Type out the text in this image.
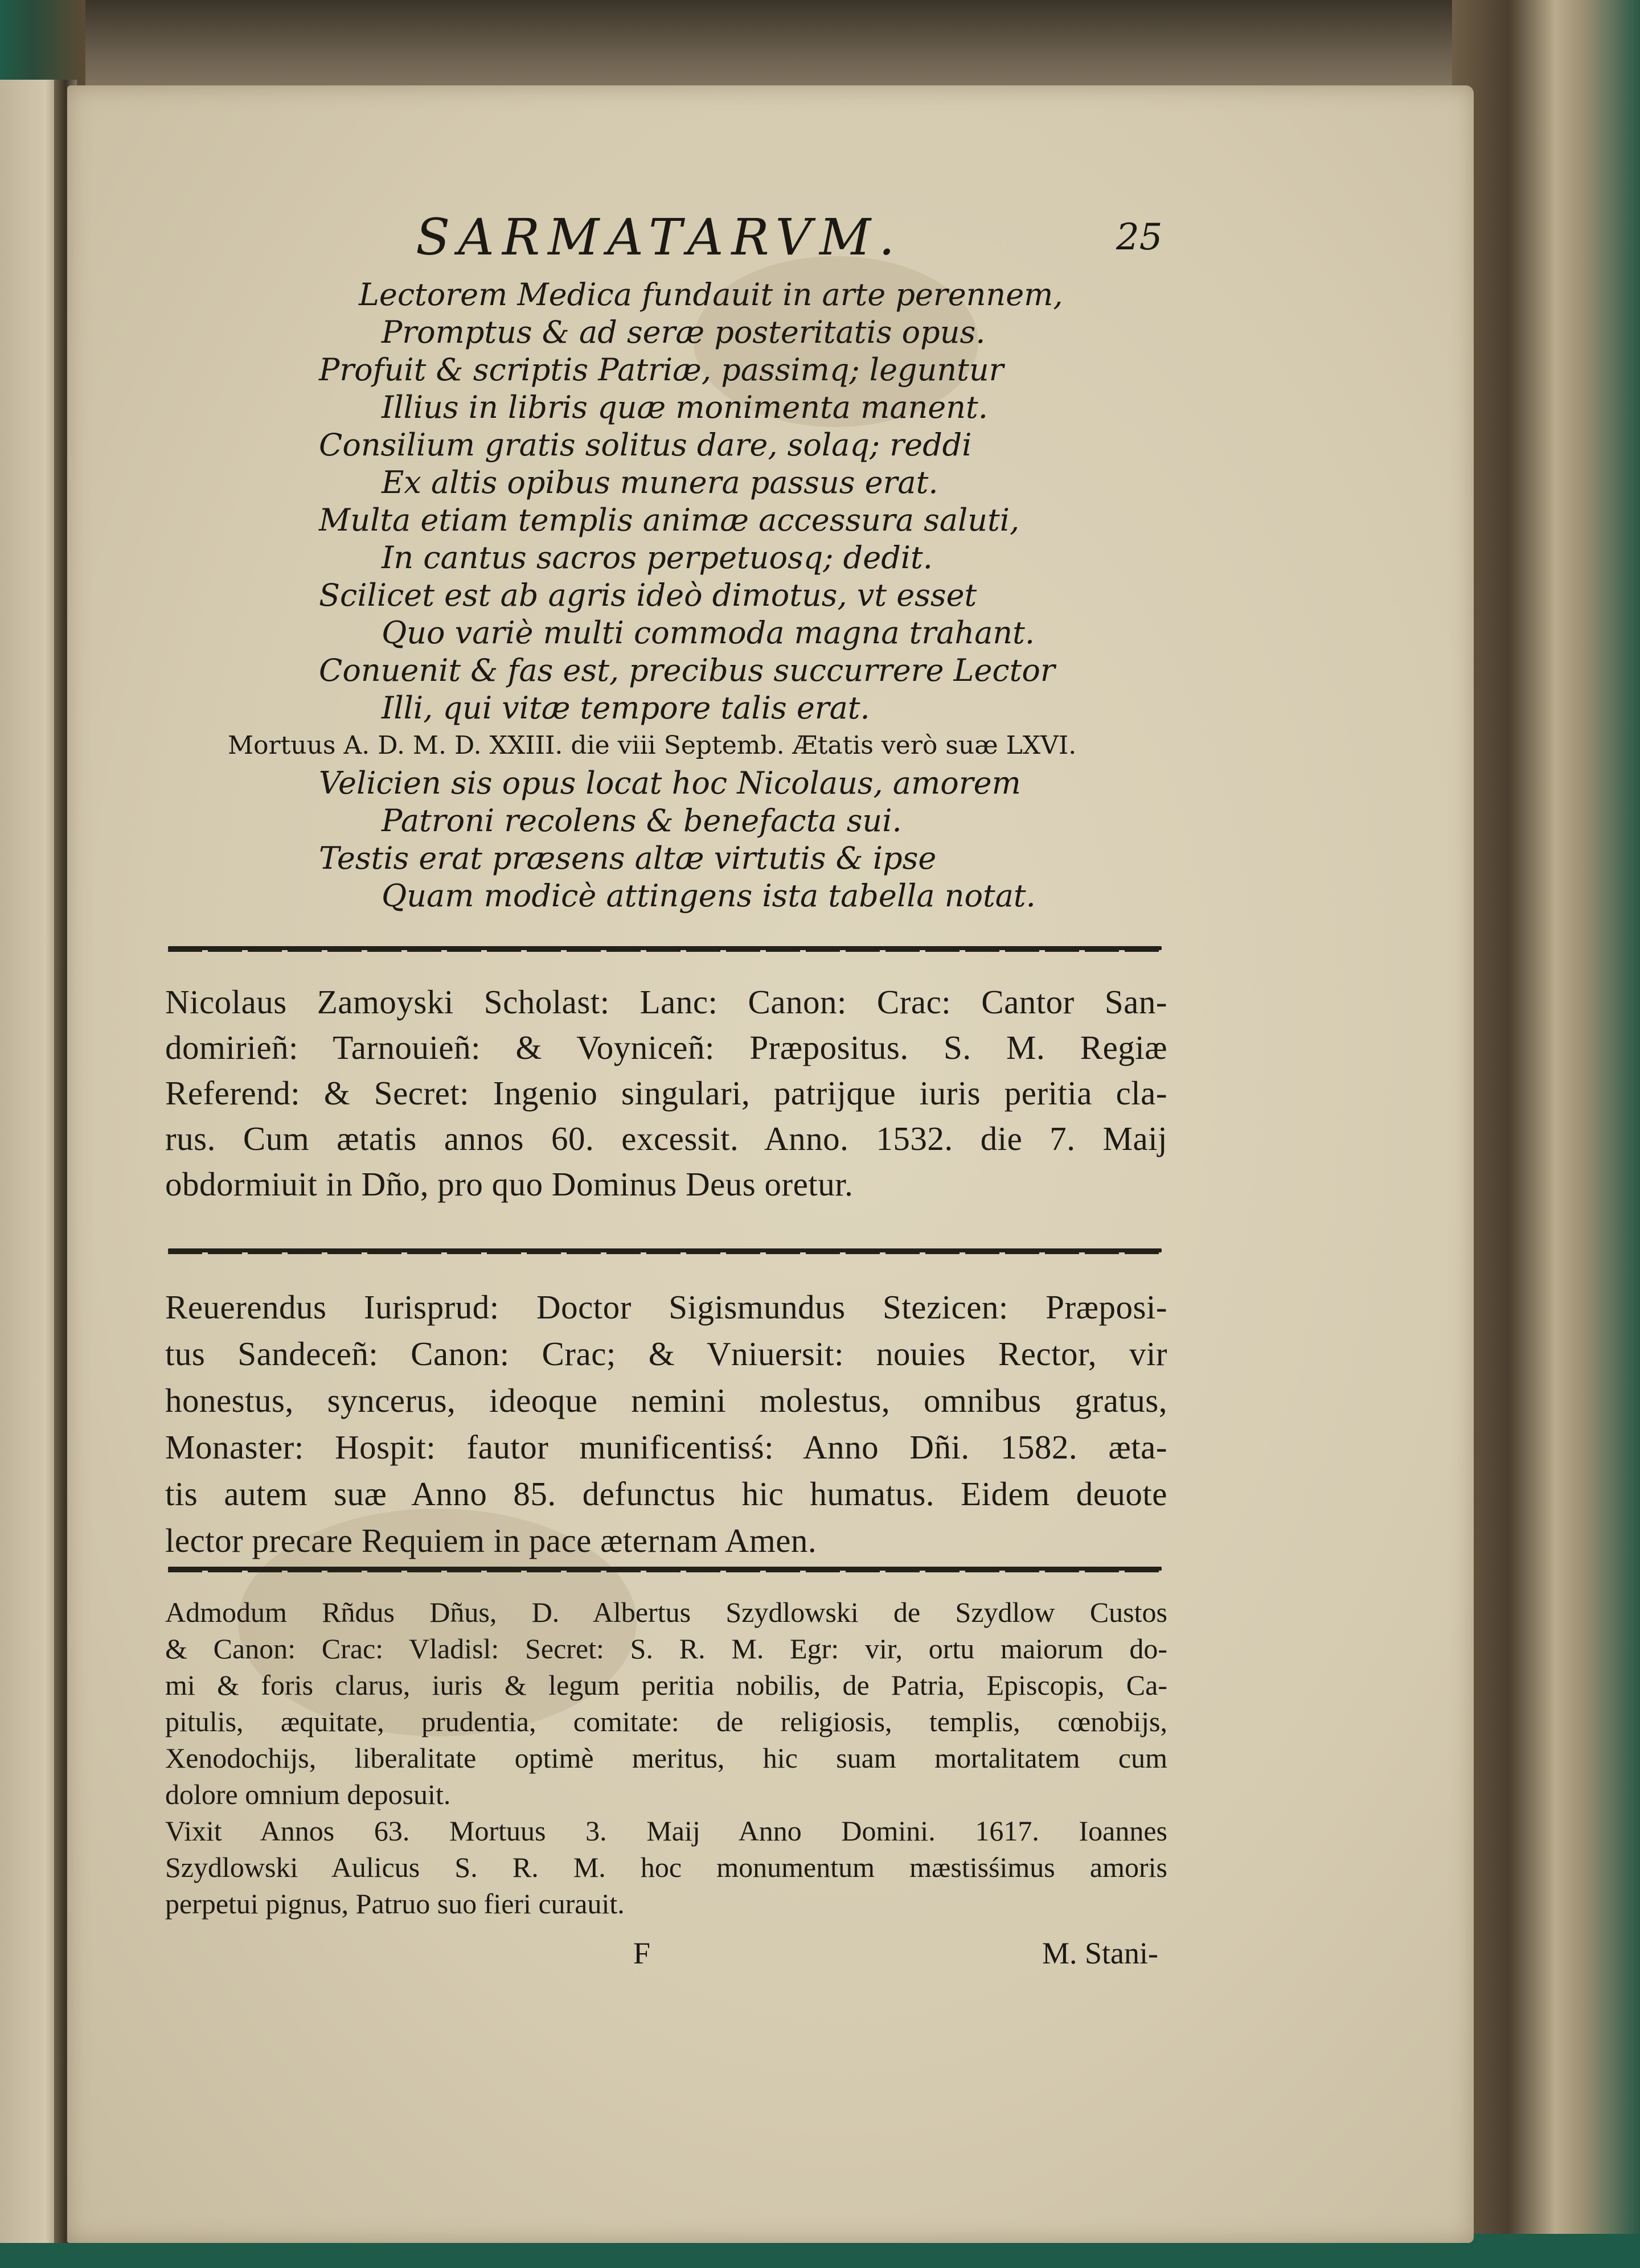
SARMATARVM.	25
Lectorem Medica fundauit in arte perennem,
Promptus & ad seræ posteritatis opus.
Profuit & scriptis Patriæ, passimq; leguntur
Illius in libris quæ monimenta manent.
Consilium gratis solitus dare, solaq; reddi
Ex altis opibus munera passus erat.
Multa etiam templis animæ accessura saluti,
In cantus sacros perpetuosq; dedit.
Scilicet est ab agris ideò dimotus, vt esset
Quo variè multi commoda magna trahant.
Conuenit & fas est, precibus succurrere Lector
Illi, qui vitæ tempore talis erat.
Mortuus A. D. M. D. XXIII. die viii Septemb. Ætatis verò suæ LXVI.
Velicien sis opus locat hoc Nicolaus, amorem
Patroni recolens & benefacta sui.
Testis erat præsens altæ virtutis & ipse
Quam modicè attingens ista tabella notat.
Nicolaus Zamoyski Scholast: Lanc: Canon: Crac: Cantor San-
domirieñ: Tarnouieñ: & Voyniceñ: Præpositus. S. M. Regiæ
Referend: & Secret: Ingenio singulari, patrijque iuris peritia cla-
rus. Cum ætatis annos 60. excessit. Anno. 1532. die 7. Maij
obdormiuit in Dño, pro quo Dominus Deus oretur.
Reuerendus Iurisprud: Doctor Sigismundus Stezicen: Præposi-
tus Sandeceñ: Canon: Crac; & Vniuersit: nouies Rector, vir
honestus, syncerus, ideoque nemini molestus, omnibus gratus,
Monaster: Hospit: fautor munificentisś: Anno Dñi. 1582. æta-
tis autem suæ Anno 85. defunctus hic humatus. Eidem deuote
lector precare Requiem in pace æternam Amen.
Admodum Rñdus Dñus, D. Albertus Szydlowski de Szydlow Custos
& Canon: Crac: Vladisl: Secret: S. R. M. Egr: vir, ortu maiorum do-
mi & foris clarus, iuris & legum peritia nobilis, de Patria, Episcopis, Ca-
pitulis, æquitate, prudentia, comitate: de religiosis, templis, cœnobijs,
Xenodochijs, liberalitate optimè meritus, hic suam mortalitatem cum
dolore omnium deposuit.
Vixit Annos 63. Mortuus 3. Maij Anno Domini. 1617. Ioannes
Szydlowski Aulicus S. R. M. hoc monumentum mæstisśimus amoris
perpetui pignus, Patruo suo fieri curauit.
F	M. Stani-
